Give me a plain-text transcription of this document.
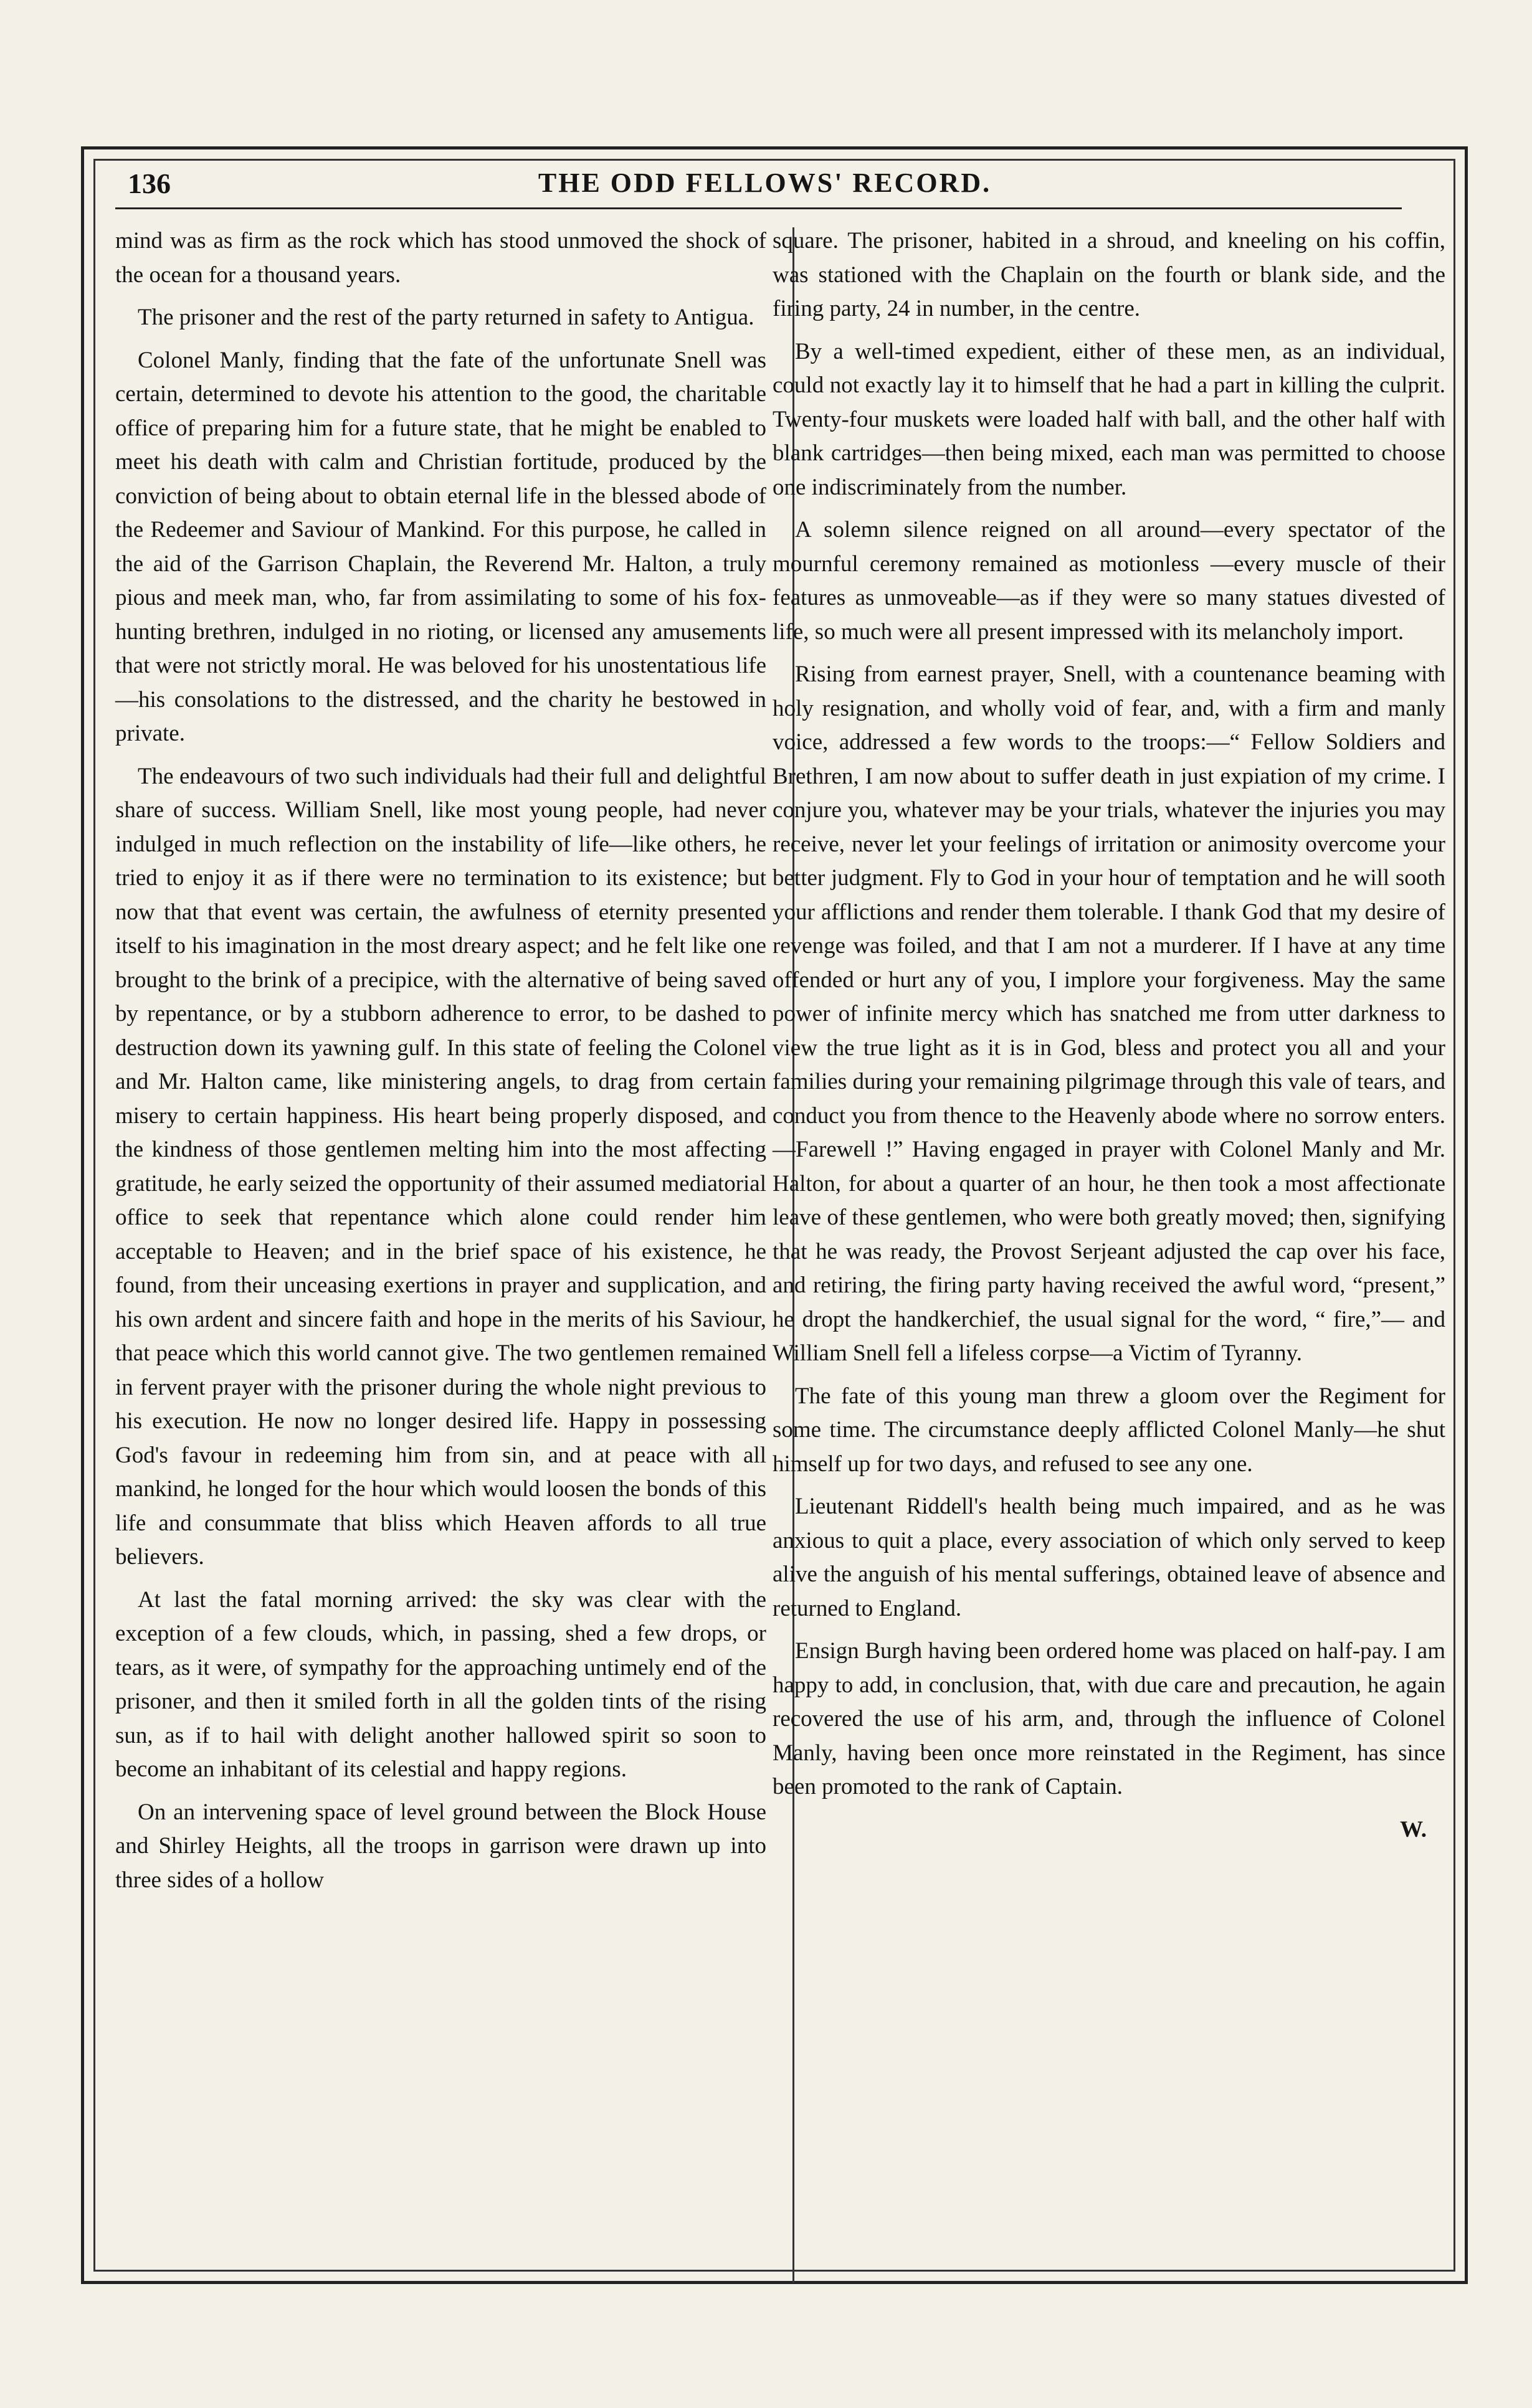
136	THE ODD FELLOWS' RECORD.

mind was as firm as the rock which has stood unmoved the shock of the ocean for a thousand years.

The prisoner and the rest of the party returned in safety to Antigua.

Colonel Manly, finding that the fate of the unfortunate Snell was certain, determined to devote his attention to the good, the charitable office of preparing him for a future state, that he might be enabled to meet his death with calm and Christian fortitude, produced by the conviction of being about to obtain eternal life in the blessed abode of the Redeemer and Saviour of Mankind. For this purpose, he called in the aid of the Garrison Chaplain, the Reverend Mr. Halton, a truly pious and meek man, who, far from assimilating to some of his fox-hunting brethren, indulged in no rioting, or licensed any amusements that were not strictly moral. He was beloved for his unostentatious life—his consolations to the distressed, and the charity he bestowed in private.

The endeavours of two such individuals had their full and delightful share of success. William Snell, like most young people, had never indulged in much reflection on the instability of life—like others, he tried to enjoy it as if there were no termination to its existence; but now that that event was certain, the awfulness of eternity presented itself to his imagination in the most dreary aspect; and he felt like one brought to the brink of a precipice, with the alternative of being saved by repentance, or by a stubborn adherence to error, to be dashed to destruction down its yawning gulf. In this state of feeling the Colonel and Mr. Halton came, like ministering angels, to drag from certain misery to certain happiness. His heart being properly disposed, and the kindness of those gentlemen melting him into the most affecting gratitude, he early seized the opportunity of their assumed mediatorial office to seek that repentance which alone could render him acceptable to Heaven; and in the brief space of his existence, he found, from their unceasing exertions in prayer and supplication, and his own ardent and sincere faith and hope in the merits of his Saviour, that peace which this world cannot give. The two gentlemen remained in fervent prayer with the prisoner during the whole night previous to his execution. He now no longer desired life. Happy in possessing God's favour in redeeming him from sin, and at peace with all mankind, he longed for the hour which would loosen the bonds of this life and consummate that bliss which Heaven affords to all true believers.

At last the fatal morning arrived: the sky was clear with the exception of a few clouds, which, in passing, shed a few drops, or tears, as it were, of sympathy for the approaching untimely end of the prisoner, and then it smiled forth in all the golden tints of the rising sun, as if to hail with delight another hallowed spirit so soon to become an inhabitant of its celestial and happy regions.

On an intervening space of level ground between the Block House and Shirley Heights, all the troops in garrison were drawn up into three sides of a hollow

square. The prisoner, habited in a shroud, and kneeling on his coffin, was stationed with the Chaplain on the fourth or blank side, and the firing party, 24 in number, in the centre.

By a well-timed expedient, either of these men, as an individual, could not exactly lay it to himself that he had a part in killing the culprit. Twenty-four muskets were loaded half with ball, and the other half with blank cartridges—then being mixed, each man was permitted to choose one indiscriminately from the number.

A solemn silence reigned on all around—every spectator of the mournful ceremony remained as motionless —every muscle of their features as unmoveable—as if they were so many statues divested of life, so much were all present impressed with its melancholy import.

Rising from earnest prayer, Snell, with a countenance beaming with holy resignation, and wholly void of fear, and, with a firm and manly voice, addressed a few words to the troops:—“ Fellow Soldiers and Brethren, I am now about to suffer death in just expiation of my crime. I conjure you, whatever may be your trials, whatever the injuries you may receive, never let your feelings of irritation or animosity overcome your better judgment. Fly to God in your hour of temptation and he will sooth your afflictions and render them tolerable. I thank God that my desire of revenge was foiled, and that I am not a murderer. If I have at any time offended or hurt any of you, I implore your forgiveness. May the same power of infinite mercy which has snatched me from utter darkness to view the true light as it is in God, bless and protect you all and your families during your remaining pilgrimage through this vale of tears, and conduct you from thence to the Heavenly abode where no sorrow enters.—Farewell !” Having engaged in prayer with Colonel Manly and Mr. Halton, for about a quarter of an hour, he then took a most affectionate leave of these gentlemen, who were both greatly moved; then, signifying that he was ready, the Provost Serjeant adjusted the cap over his face, and retiring, the firing party having received the awful word, “present,” he dropt the handkerchief, the usual signal for the word, “ fire,”— and William Snell fell a lifeless corpse—a Victim of Tyranny.

The fate of this young man threw a gloom over the Regiment for some time. The circumstance deeply afflicted Colonel Manly—he shut himself up for two days, and refused to see any one.

Lieutenant Riddell's health being much impaired, and as he was anxious to quit a place, every association of which only served to keep alive the anguish of his mental sufferings, obtained leave of absence and returned to England.

Ensign Burgh having been ordered home was placed on half-pay. I am happy to add, in conclusion, that, with due care and precaution, he again recovered the use of his arm, and, through the influence of Colonel Manly, having been once more reinstated in the Regiment, has since been promoted to the rank of Captain.

W.
